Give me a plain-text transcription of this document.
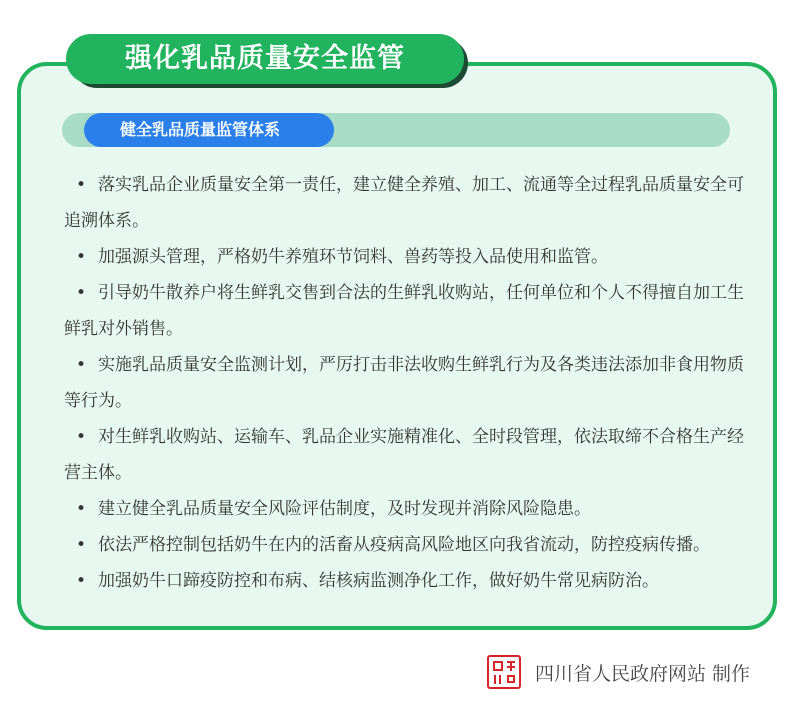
强化乳品质量安全监管
健全乳品质量监管体系

• 落实乳品企业质量安全第一责任，建立健全养殖、加工、流通等全过程乳品质量安全可追溯体系。

• 加强源头管理，严格奶牛养殖环节饲料、兽药等投入品使用和监管。

• 引导奶牛散养户将生鲜乳交售到合法的生鲜乳收购站，任何单位和个人不得擅自加工生鲜乳对外销售。

• 实施乳品质量安全监测计划，严厉打击非法收购生鲜乳行为及各类违法添加非食用物质等行为。

• 对生鲜乳收购站、运输车、乳品企业实施精准化、全时段管理，依法取缔不合格生产经营主体。

• 建立健全乳品质量安全风险评估制度，及时发现并消除风险隐患。

• 依法严格控制包括奶牛在内的活畜从疫病高风险地区向我省流动，防控疫病传播。

• 加强奶牛口蹄疫防控和布病、结核病监测净化工作，做好奶牛常见病防治。

四川省人民政府网站 制作
